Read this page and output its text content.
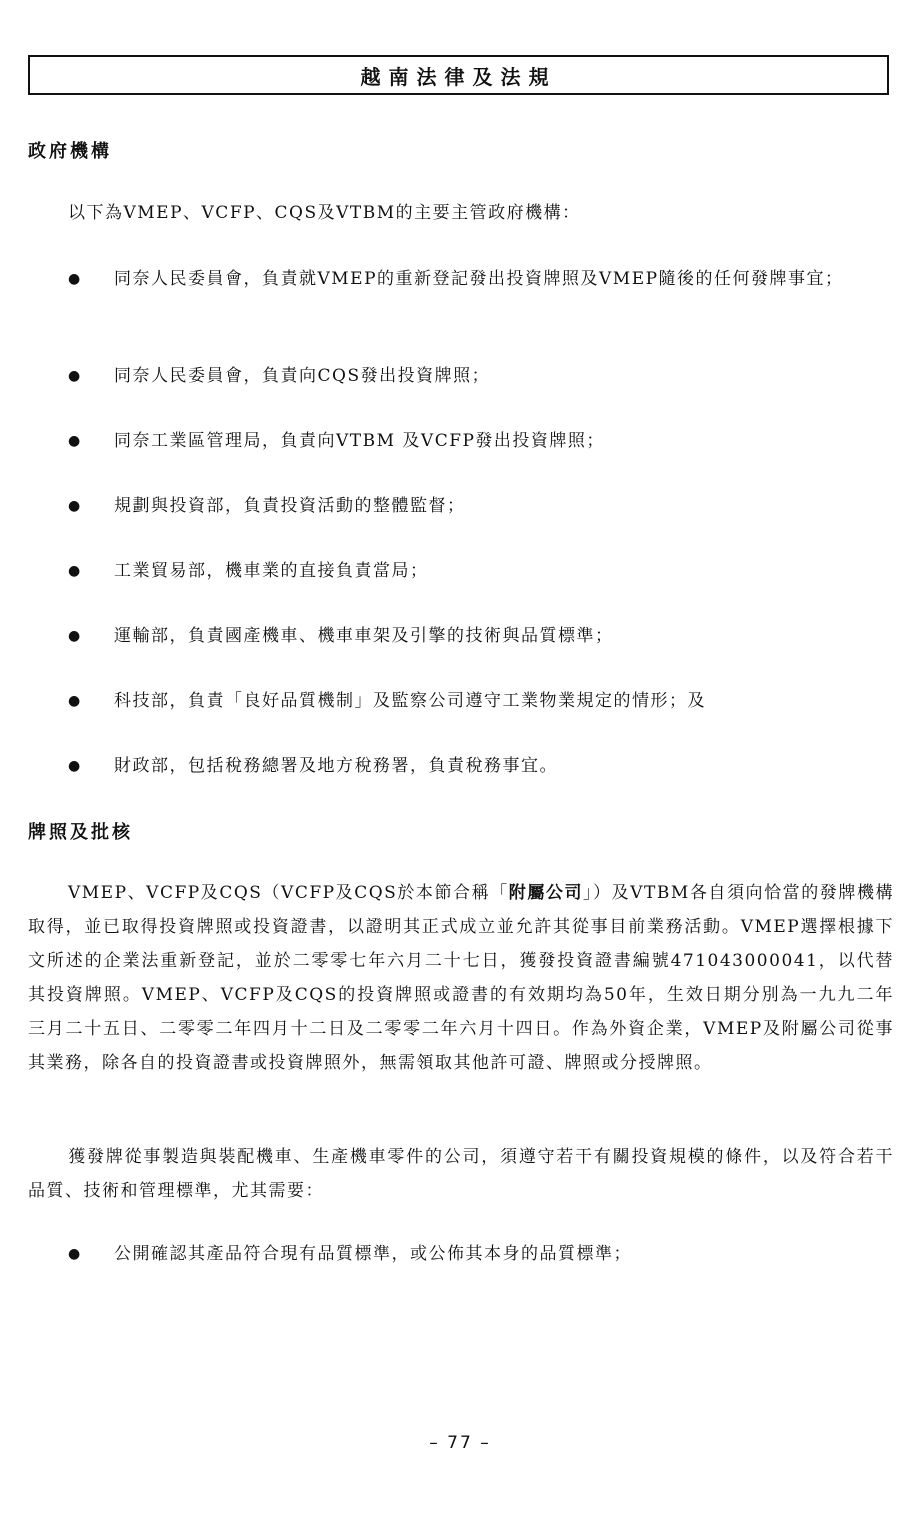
越南法律及法規
政府機構

以下為VMEP、VCFP、CQS及VTBM的主要主管政府機構：

●	同奈人民委員會，負責就VMEP的重新登記發出投資牌照及VMEP隨後的任何發牌事宜；
●	同奈人民委員會，負責向CQS發出投資牌照；
●	同奈工業區管理局，負責向VTBM 及VCFP發出投資牌照；
●	規劃與投資部，負責投資活動的整體監督；
●	工業貿易部，機車業的直接負責當局；
●	運輸部，負責國產機車、機車車架及引擎的技術與品質標準；
●	科技部，負責「良好品質機制」及監察公司遵守工業物業規定的情形；及
●	財政部，包括稅務總署及地方稅務署，負責稅務事宜。
牌照及批核

VMEP、VCFP及CQS（VCFP及CQS於本節合稱「附屬公司」）及VTBM各自須向恰當的發牌機構取得，並已取得投資牌照或投資證書，以證明其正式成立並允許其從事目前業務活動。VMEP選擇根據下文所述的企業法重新登記，並於二零零七年六月二十七日，獲發投資證書編號471043000041，以代替其投資牌照。VMEP、VCFP及CQS的投資牌照或證書的有效期均為50年，生效日期分別為一九九二年三月二十五日、二零零二年四月十二日及二零零二年六月十四日。作為外資企業，VMEP及附屬公司從事其業務，除各自的投資證書或投資牌照外，無需領取其他許可證、牌照或分授牌照。

獲發牌從事製造與裝配機車、生產機車零件的公司，須遵守若干有關投資規模的條件，以及符合若干品質、技術和管理標準，尤其需要：

●	公開確認其產品符合現有品質標準，或公佈其本身的品質標準；
– 77 –
